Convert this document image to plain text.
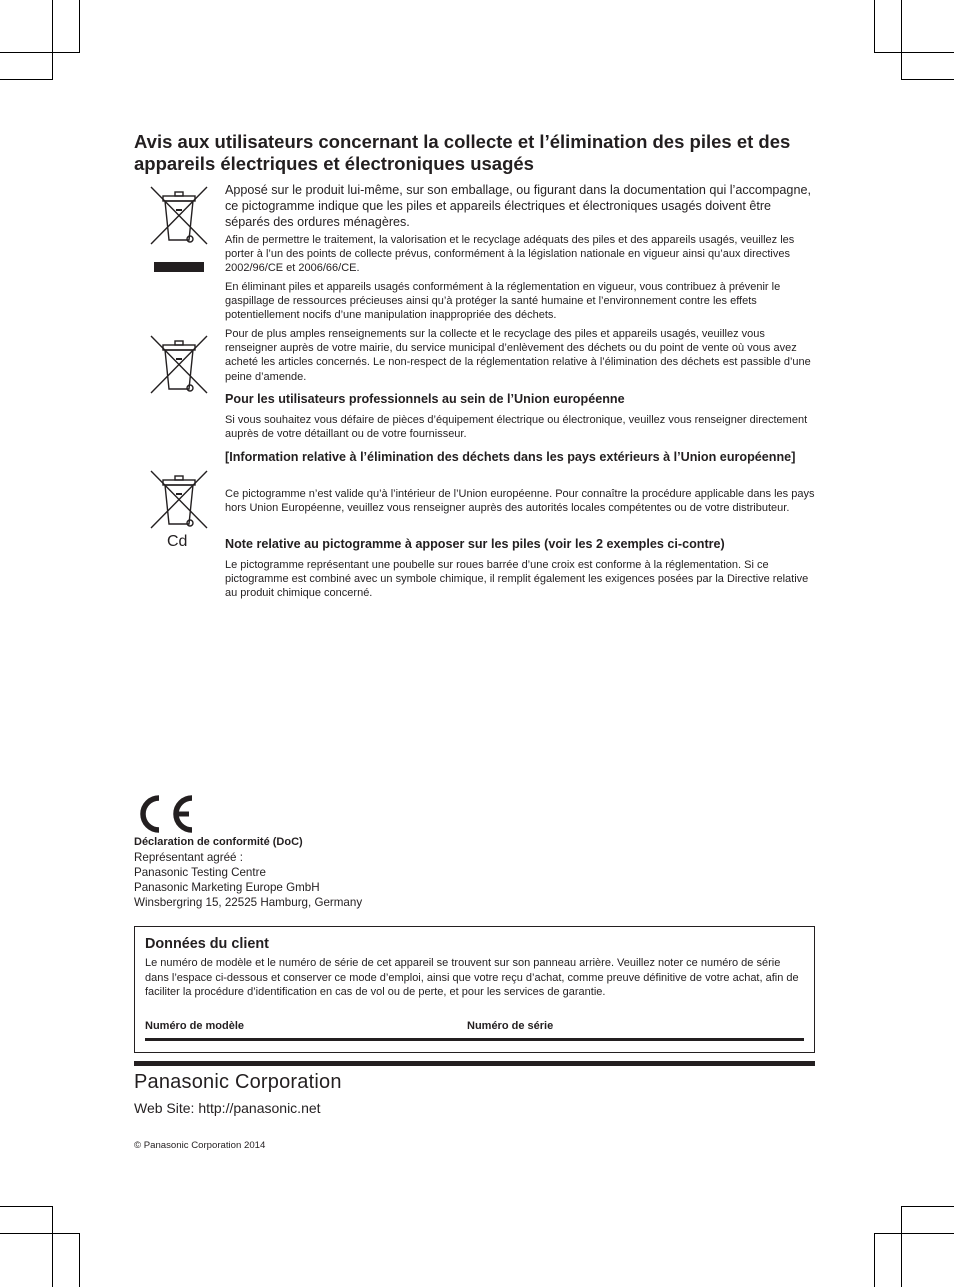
Avis aux utilisateurs concernant la collecte et l’élimination des piles et des appareils électriques et électroniques usagés
Cd

Apposé sur le produit lui-même, sur son emballage, ou figurant dans la documentation qui l’accompagne, ce pictogramme indique que les piles et appareils électriques et électroniques usagés doivent être séparés des ordures ménagères.

Afin de permettre le traitement, la valorisation et le recyclage adéquats des piles et des appareils usagés, veuillez les porter à l’un des points de collecte prévus, conformément à la législation nationale en vigueur ainsi qu’aux directives 2002/96/CE et 2006/66/CE.

En éliminant piles et appareils usagés conformément à la réglementation en vigueur, vous contribuez à prévenir le gaspillage de ressources précieuses ainsi qu’à protéger la santé humaine et l’environnement contre les effets potentiellement nocifs d’une manipulation inappropriée des déchets.

Pour de plus amples renseignements sur la collecte et le recyclage des piles et appareils usagés, veuillez vous renseigner auprès de votre mairie, du service municipal d’enlèvement des déchets ou du point de vente où vous avez acheté les articles concernés. Le non-respect de la réglementation relative à l’élimination des déchets est passible d’une peine d’amende.

Pour les utilisateurs professionnels au sein de l’Union européenne

Si vous souhaitez vous défaire de pièces d’équipement électrique ou électronique, veuillez vous renseigner directement auprès de votre détaillant ou de votre fournisseur.

[Information relative à l’élimination des déchets dans les pays extérieurs à l’Union européenne]

Ce pictogramme n’est valide qu’à l’intérieur de l’Union européenne. Pour connaître la procédure applicable dans les pays hors Union Européenne, veuillez vous renseigner auprès des autorités locales compétentes ou de votre distributeur.

Note relative au pictogramme à apposer sur les piles (voir les 2 exemples ci-contre)

Le pictogramme représentant une poubelle sur roues barrée d’une croix est conforme à la réglementation. Si ce pictogramme est combiné avec un symbole chimique, il remplit également les exigences posées par la Directive relative au produit chimique concerné.

Déclaration de conformité (DoC)
Représentant agréé :
Panasonic Testing Centre
Panasonic Marketing Europe GmbH
Winsbergring 15, 22525 Hamburg, Germany
Données du client
Le numéro de modèle et le numéro de série de cet appareil se trouvent sur son panneau arrière. Veuillez noter ce numéro de série dans l’espace ci-dessous et conserver ce mode d’emploi, ainsi que votre reçu d’achat, comme preuve définitive de votre achat, afin de faciliter la procédure d’identification en cas de vol ou de perte, et pour les services de garantie.
Numéro de modèle	Numéro de série
Panasonic Corporation
Web Site: http://panasonic.net
© Panasonic Corporation 2014
